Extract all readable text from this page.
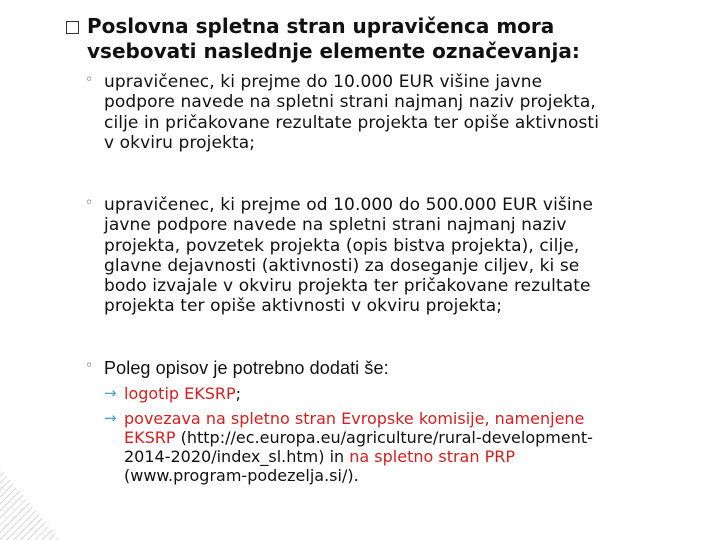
Poslovna spletna stran upravičenca mora
vsebovati naslednje elemente označevanja:
◦ upravičenec, ki prejme do 10.000 EUR višine javne
podpore navede na spletni strani najmanj naziv projekta,
cilje in pričakovane rezultate projekta ter opiše aktivnosti
v okviru projekta;
◦ upravičenec, ki prejme od 10.000 do 500.000 EUR višine
javne podpore navede na spletni strani najmanj naziv
projekta, povzetek projekta (opis bistva projekta), cilje,
glavne dejavnosti (aktivnosti) za doseganje ciljev, ki se
bodo izvajale v okviru projekta ter pričakovane rezultate
projekta ter opiše aktivnosti v okviru projekta;
◦ Poleg opisov je potrebno dodati še:
→ logotip EKSRP;
→ povezava na spletno stran Evropske komisije, namenjene
EKSRP (http://ec.europa.eu/agriculture/rural-development-
2014-2020/index_sl.htm) in na spletno stran PRP
(www.program-podezelja.si/).
